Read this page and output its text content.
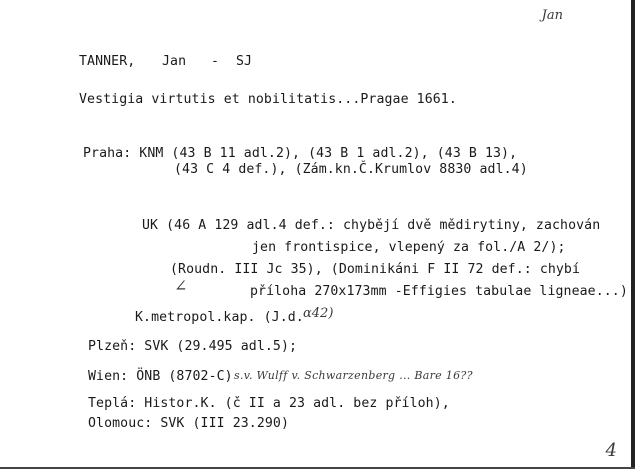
Jan
TANNER, Jan - SJ
Vestigia virtutis et nobilitatis...Pragae 1661.
Praha: KNM (43 B 11 adl.2), (43 B 1 adl.2), (43 B 13),
(43 C 4 def.), (Zám.kn.Č.Krumlov 8830 adl.4)
UK (46 A 129 adl.4 def.: chybějí dvě mědirytiny, zachován
jen frontispice, vlepený za fol./A 2/);
(Roudn. III Jc 35), (Dominikáni F II 72 def.: chybí
∠	příloha 270x173mm -Effigies tabulae ligneae...)
K.metropol.kap. (J.d. α42)
Plzeň: SVK (29.495 adl.5);
Wien: ÖNB (8702-C) s.v. Wulff v. Schwarzenberg ... Bare 16??
Teplá: Histor.K. (č II a 23 adl. bez příloh),
Olomouc: SVK (III 23.290)
4
